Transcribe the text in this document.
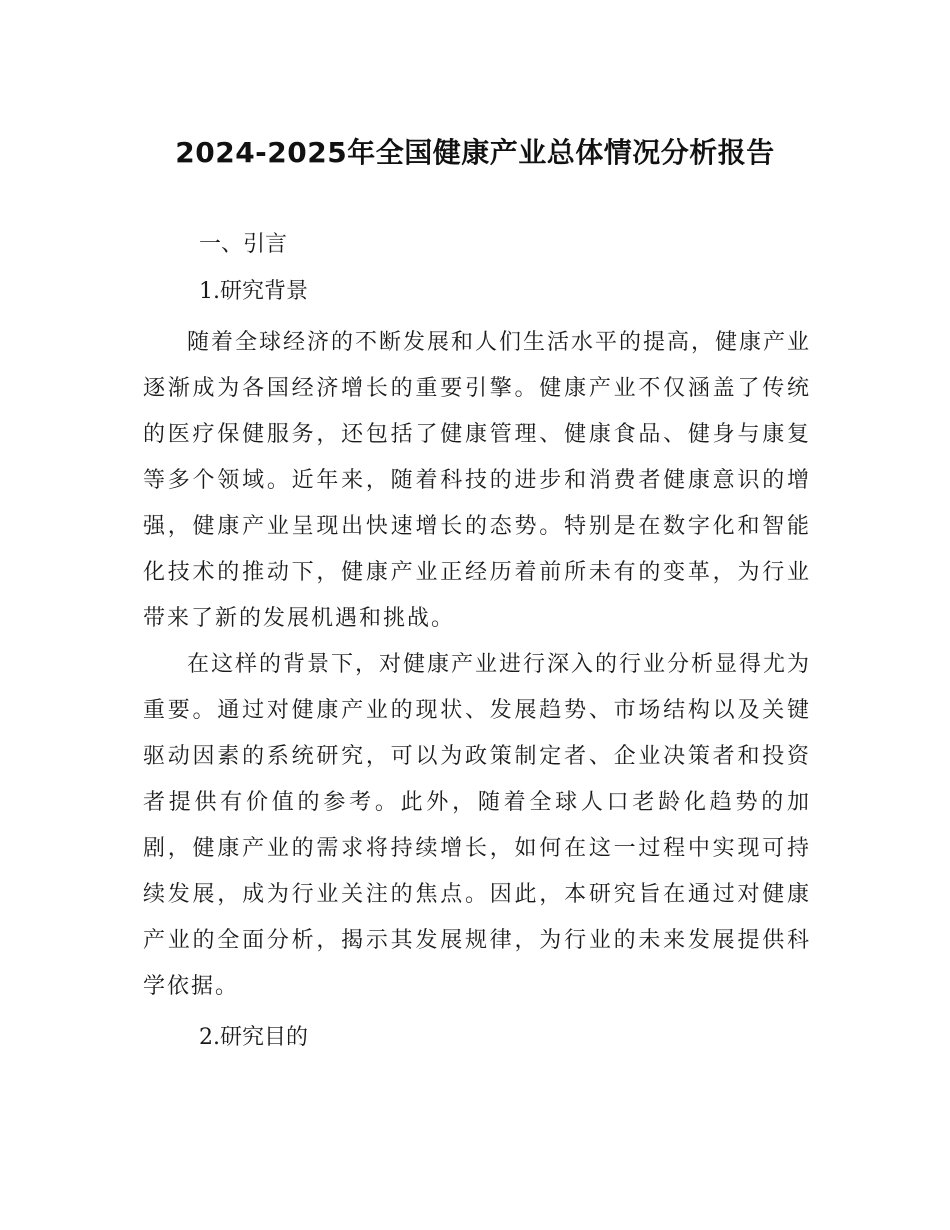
2024-2025年全国健康产业总体情况分析报告
一、引言
1.研究背景

随着全球经济的不断发展和人们生活水平的提高，健康产业逐渐成为各国经济增长的重要引擎。健康产业不仅涵盖了传统的医疗保健服务，还包括了健康管理、健康食品、健身与康复等多个领域。近年来，随着科技的进步和消费者健康意识的增强，健康产业呈现出快速增长的态势。特别是在数字化和智能化技术的推动下，健康产业正经历着前所未有的变革，为行业带来了新的发展机遇和挑战。

在这样的背景下，对健康产业进行深入的行业分析显得尤为重要。通过对健康产业的现状、发展趋势、市场结构以及关键驱动因素的系统研究，可以为政策制定者、企业决策者和投资者提供有价值的参考。此外，随着全球人口老龄化趋势的加剧，健康产业的需求将持续增长，如何在这一过程中实现可持续发展，成为行业关注的焦点。因此，本研究旨在通过对健康产业的全面分析，揭示其发展规律，为行业的未来发展提供科学依据。

2.研究目的
